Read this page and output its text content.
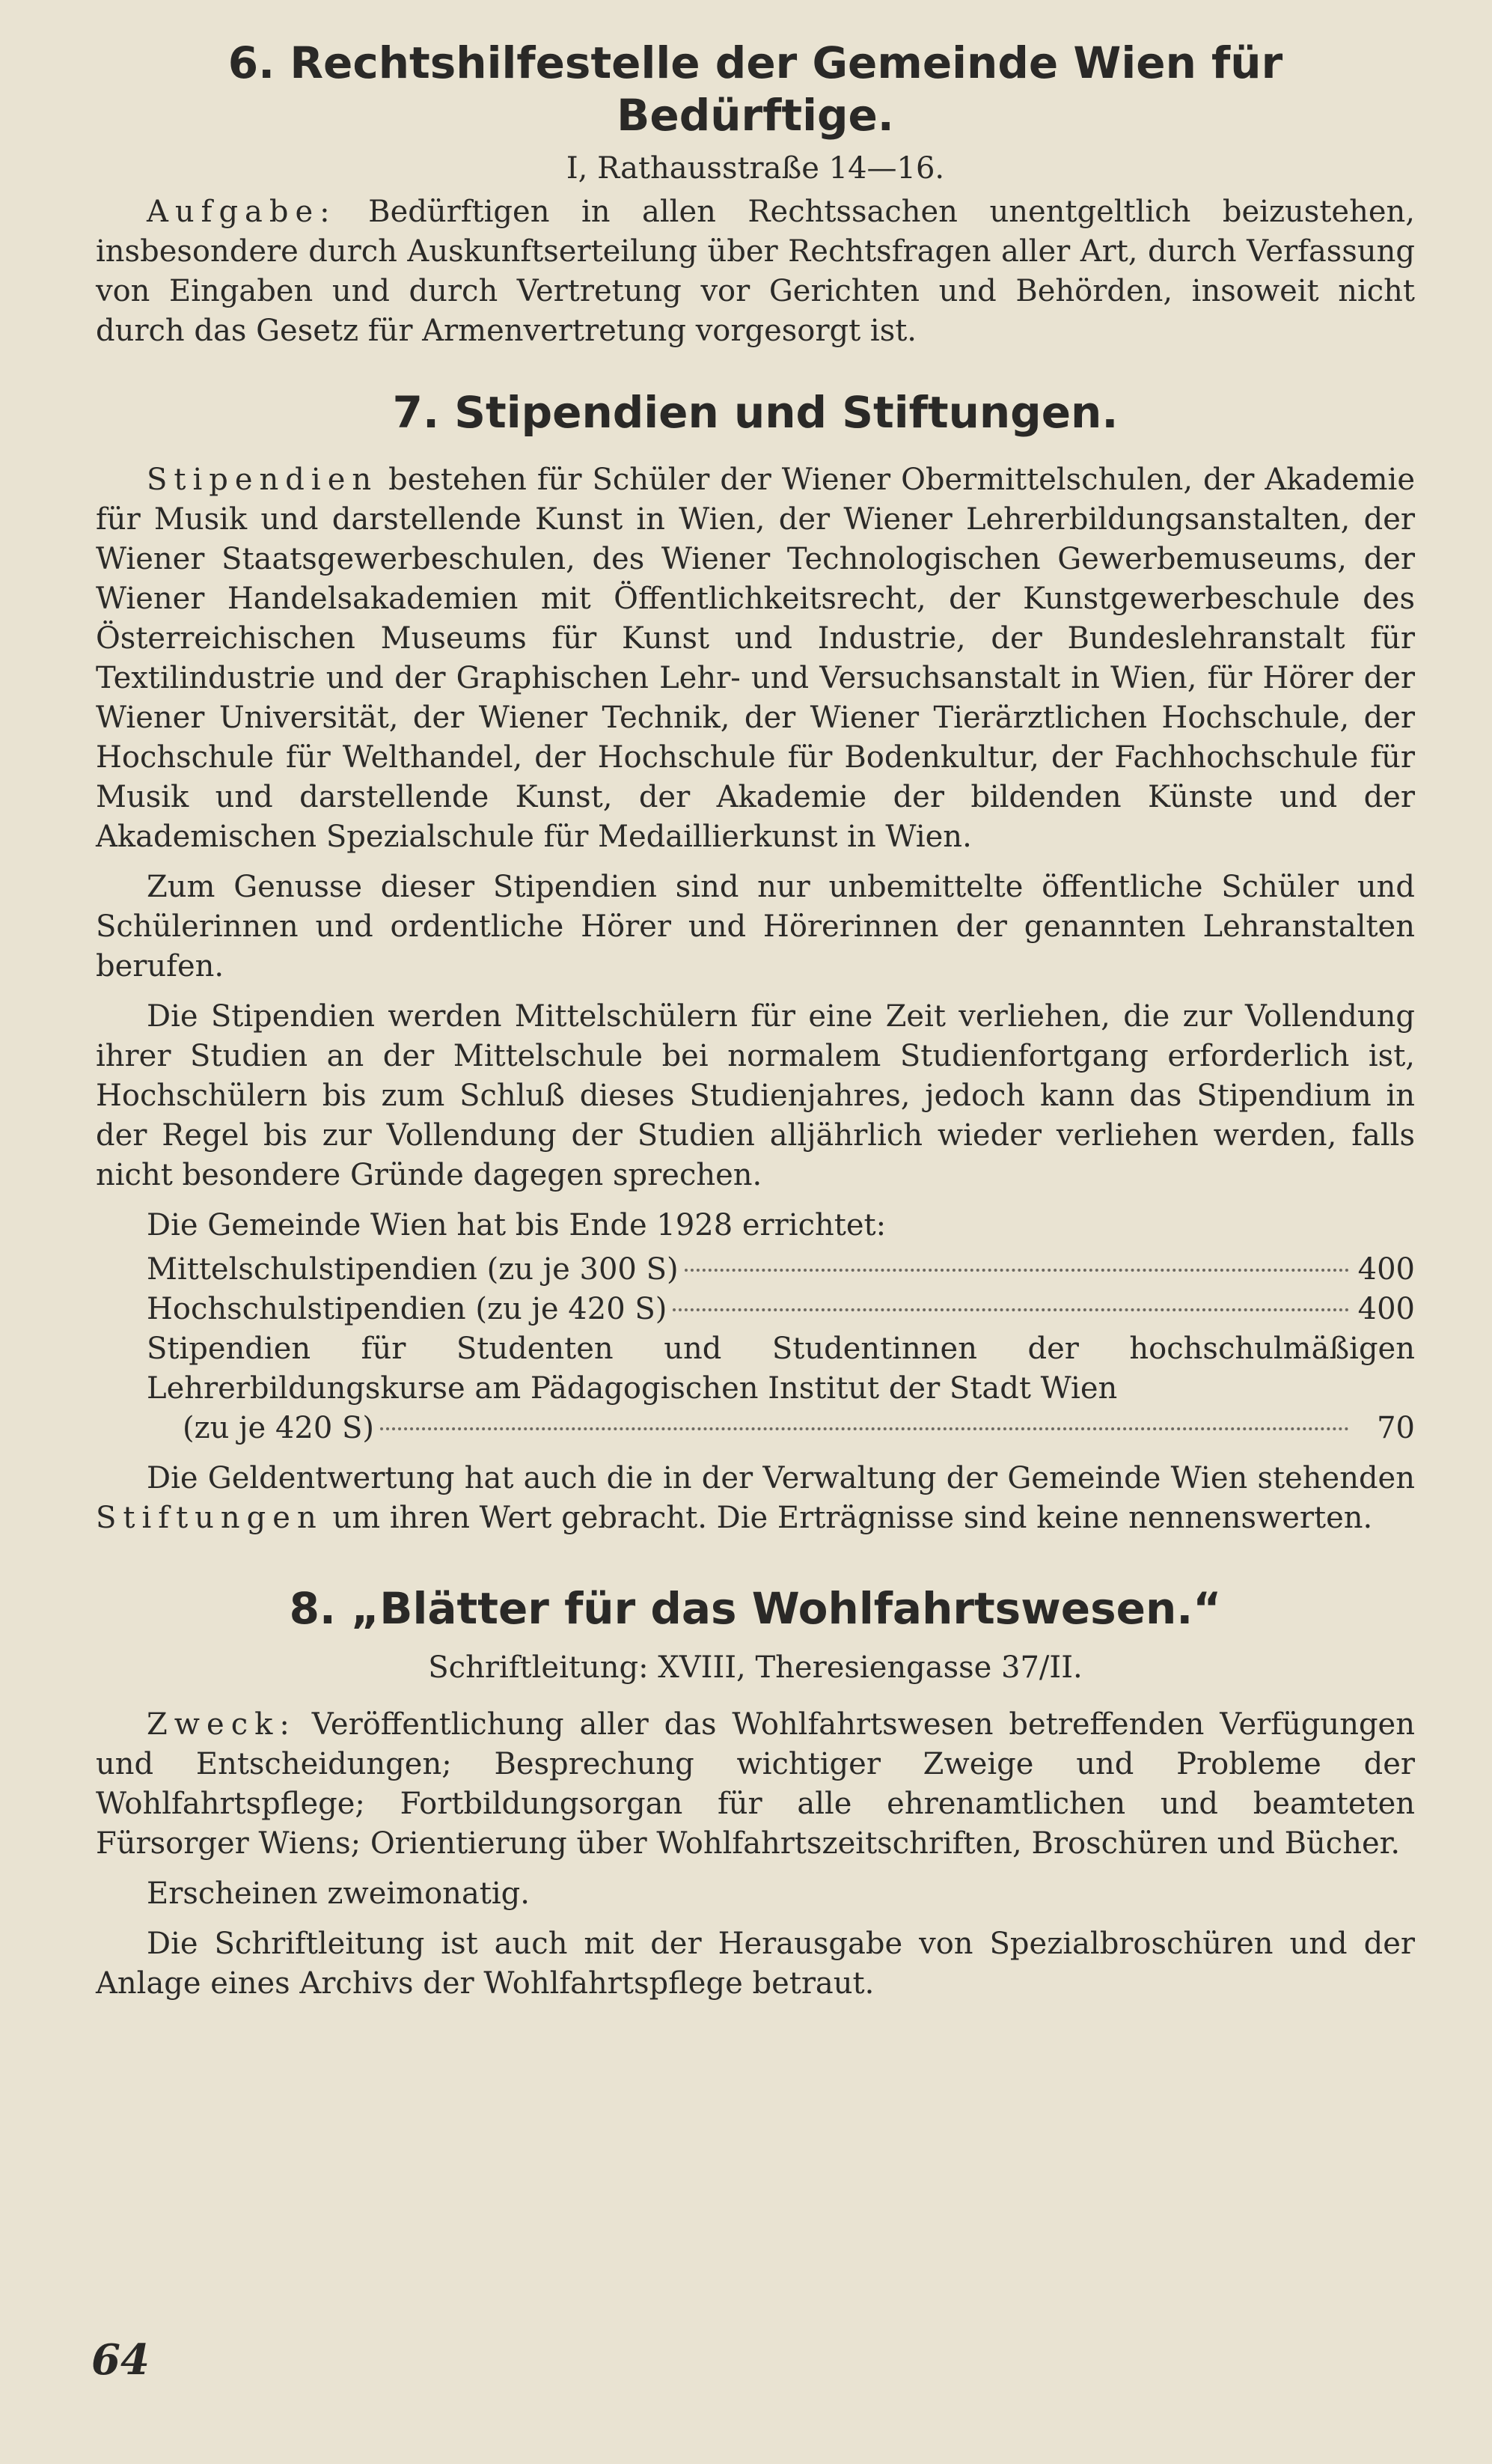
6. Rechtshilfestelle der Gemeinde Wien für Bedürftige.
I, Rathausstraße 14—16.

Aufgabe: Bedürftigen in allen Rechtssachen unentgeltlich beizustehen, insbesondere durch Auskunftserteilung über Rechtsfragen aller Art, durch Verfassung von Eingaben und durch Vertretung vor Gerichten und Behörden, insoweit nicht durch das Gesetz für Armenvertretung vorgesorgt ist.

7. Stipendien und Stiftungen.

Stipendien bestehen für Schüler der Wiener Obermittelschulen, der Akademie für Musik und darstellende Kunst in Wien, der Wiener Lehrerbildungsanstalten, der Wiener Staatsgewerbeschulen, des Wiener Technologischen Gewerbemuseums, der Wiener Handelsakademien mit Öffentlichkeitsrecht, der Kunstgewerbeschule des Österreichischen Museums für Kunst und Industrie, der Bundeslehranstalt für Textilindustrie und der Graphischen Lehr- und Versuchsanstalt in Wien, für Hörer der Wiener Universität, der Wiener Technik, der Wiener Tierärztlichen Hochschule, der Hochschule für Welthandel, der Hochschule für Bodenkultur, der Fachhochschule für Musik und darstellende Kunst, der Akademie der bildenden Künste und der Akademischen Spezialschule für Medaillierkunst in Wien.

Zum Genusse dieser Stipendien sind nur unbemittelte öffentliche Schüler und Schülerinnen und ordentliche Hörer und Hörerinnen der genannten Lehranstalten berufen.

Die Stipendien werden Mittelschülern für eine Zeit verliehen, die zur Vollendung ihrer Studien an der Mittelschule bei normalem Studienfortgang erforderlich ist, Hochschülern bis zum Schluß dieses Studienjahres, jedoch kann das Stipendium in der Regel bis zur Vollendung der Studien alljährlich wieder verliehen werden, falls nicht besondere Gründe dagegen sprechen.

Die Gemeinde Wien hat bis Ende 1928 errichtet:
Mittelschulstipendien (zu je 300 S)	400
Hochschulstipendien (zu je 420 S)	400
Stipendien für Studenten und Studentinnen der hochschulmäßigen Lehrerbildungskurse am Pädagogischen Institut der Stadt Wien
(zu je 420 S)	70

Die Geldentwertung hat auch die in der Verwaltung der Gemeinde Wien stehenden Stiftungen um ihren Wert gebracht. Die Erträgnisse sind keine nennenswerten.

8. „Blätter für das Wohlfahrtswesen.“
Schriftleitung: XVIII, Theresiengasse 37/II.

Zweck: Veröffentlichung aller das Wohlfahrtswesen betreffenden Verfügungen und Entscheidungen; Besprechung wichtiger Zweige und Probleme der Wohlfahrtspflege; Fortbildungsorgan für alle ehrenamtlichen und beamteten Fürsorger Wiens; Orientierung über Wohlfahrtszeitschriften, Broschüren und Bücher.

Erscheinen zweimonatig.

Die Schriftleitung ist auch mit der Herausgabe von Spezialbroschüren und der Anlage eines Archivs der Wohlfahrtspflege betraut.

64
